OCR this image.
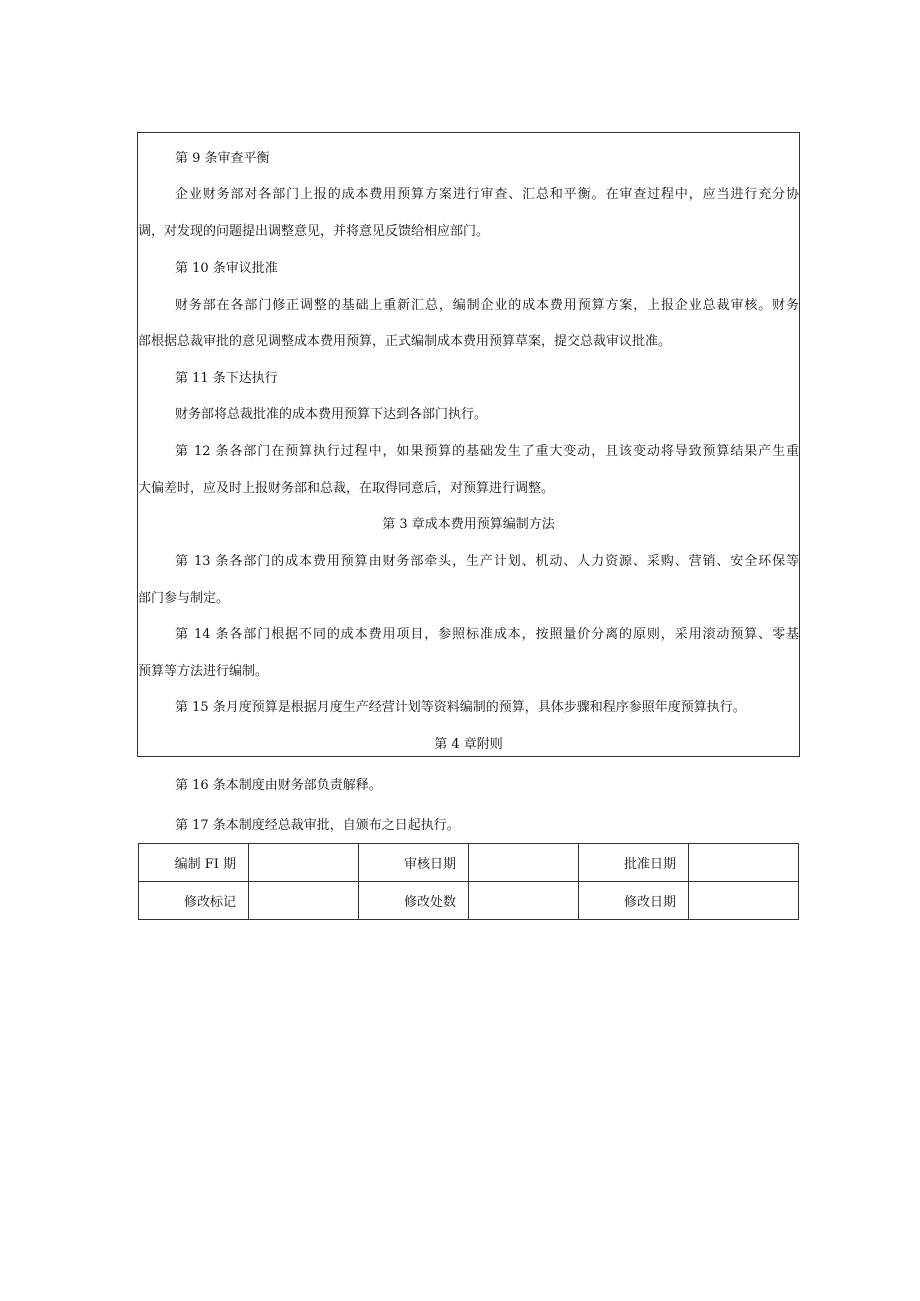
第 9 条审查平衡
企业财务部对各部门上报的成本费用预算方案进行审查、汇总和平衡。在审查过程中，应当进行充分协
调，对发现的问题提出调整意见，并将意见反馈给相应部门。
第 10 条审议批准
财务部在各部门修正调整的基础上重新汇总，编制企业的成本费用预算方案，上报企业总裁审核。财务
部根据总裁审批的意见调整成本费用预算，正式编制成本费用预算草案，提交总裁审议批准。
第 11 条下达执行
财务部将总裁批准的成本费用预算下达到各部门执行。
第 12 条各部门在预算执行过程中，如果预算的基础发生了重大变动，且该变动将导致预算结果产生重
大偏差时，应及时上报财务部和总裁，在取得同意后，对预算进行调整。
第 3 章成本费用预算编制方法
第 13 条各部门的成本费用预算由财务部牵头，生产计划、机动、人力资源、采购、营销、安全环保等
部门参与制定。
第 14 条各部门根据不同的成本费用项目，参照标准成本，按照量价分离的原则，采用滚动预算、零基
预算等方法进行编制。
第 15 条月度预算是根据月度生产经营计划等资料编制的预算，具体步骤和程序参照年度预算执行。
第 4 章附则
第 16 条本制度由财务部负责解释。
第 17 条本制度经总裁审批，自颁布之日起执行。
编制 FI 期		审核日期		批准日期	
修改标记		修改处数		修改日期	
